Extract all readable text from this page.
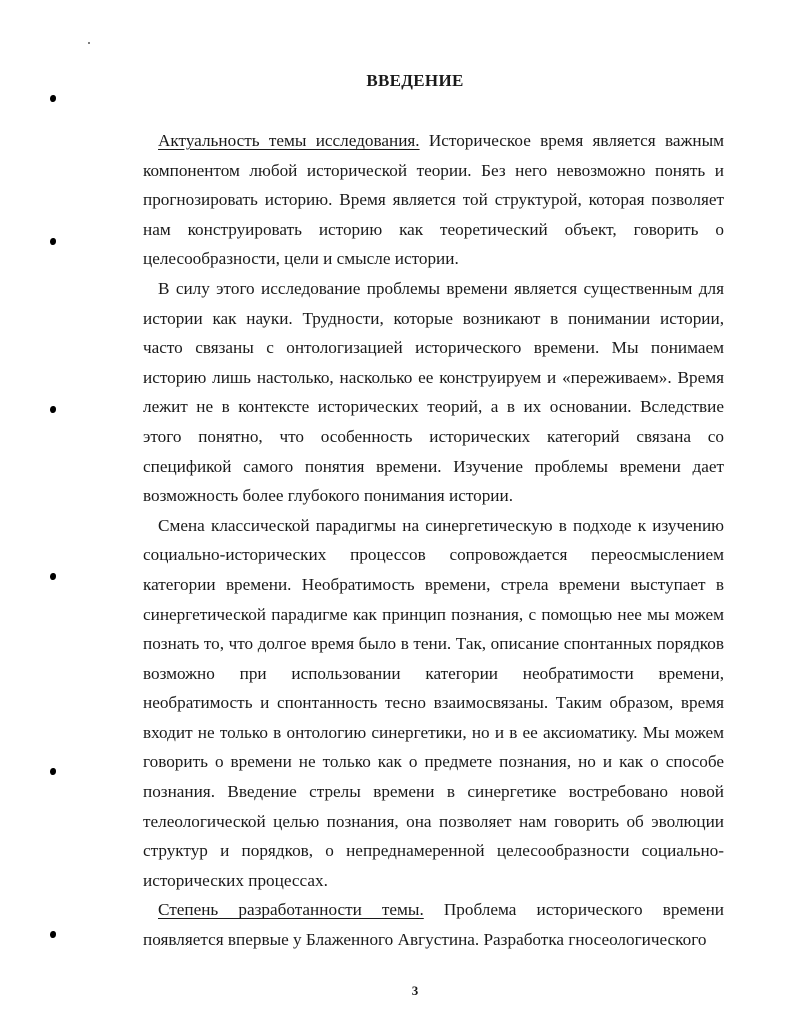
ВВЕДЕНИЕ

Актуальность темы исследования. Историческое время является важным компонентом любой исторической теории. Без него невозможно понять и прогнозировать историю. Время является той структурой, которая позволяет нам конструировать историю как теоретический объект, говорить о целесообразности, цели и смысле истории.

В силу этого исследование проблемы времени является существенным для истории как науки. Трудности, которые возникают в понимании истории, часто связаны с онтологизацией исторического времени. Мы понимаем историю лишь настолько, насколько ее конструируем и «переживаем». Время лежит не в контексте исторических теорий, а в их основании. Вследствие этого понятно, что особенность исторических категорий связана со спецификой самого понятия времени. Изучение проблемы времени дает возможность более глубокого понимания истории.

Смена классической парадигмы на синергетическую в подходе к изучению социально-исторических процессов сопровождается переосмыслением категории времени. Необратимость времени, стрела времени выступает в синергетической парадигме как принцип познания, с помощью нее мы можем познать то, что долгое время было в тени. Так, описание спонтанных порядков возможно при использовании категории необратимости времени, необратимость и спонтанность тесно взаимосвязаны. Таким образом, время входит не только в онтологию синергетики, но и в ее аксиоматику. Мы можем говорить о времени не только как о предмете познания, но и как о способе познания. Введение стрелы времени в синергетике востребовано новой телеологической целью познания, она позволяет нам говорить об эволюции структур и порядков, о непреднамеренной целесообразности социально-исторических процессах.

Степень разработанности темы. Проблема исторического времени появляется впервые у Блаженного Августина. Разработка гносеологического

3
